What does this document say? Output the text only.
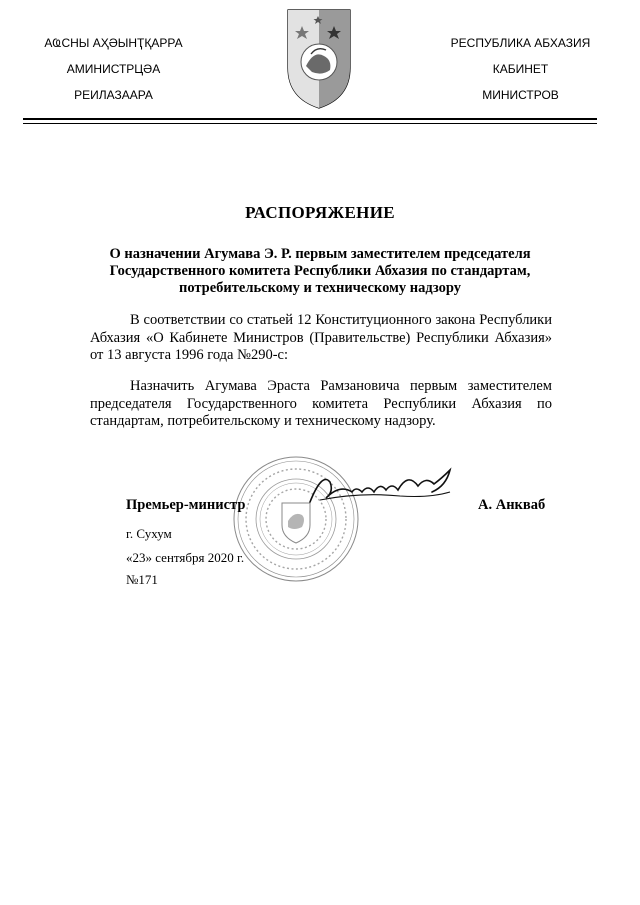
АҨСНЫ АҲӘЫНҬҚАРРА
АМИНИСТРЦӘА
РЕИЛАЗААРА
РЕСПУБЛИКА АБХАЗИЯ
КАБИНЕТ
МИНИСТРОВ
РАСПОРЯЖЕНИЕ
О назначении Агумава Э. Р. первым заместителем председателя Государственного комитета Республики Абхазия по стандартам, потребительскому и техническому надзору
В соответствии со статьей 12 Конституционного закона Республики Абхазия «О Кабинете Министров (Правительстве) Республики Абхазия» от 13 августа 1996 года №290-с:
Назначить Агумава Эраста Рамзановича первым заместителем председателя Государственного комитета Республики Абхазия по стандартам, потребительскому и техническому надзору.
Премьер-министр	А. Анкваб
г. Сухум
«23» сентября 2020 г.
№171
